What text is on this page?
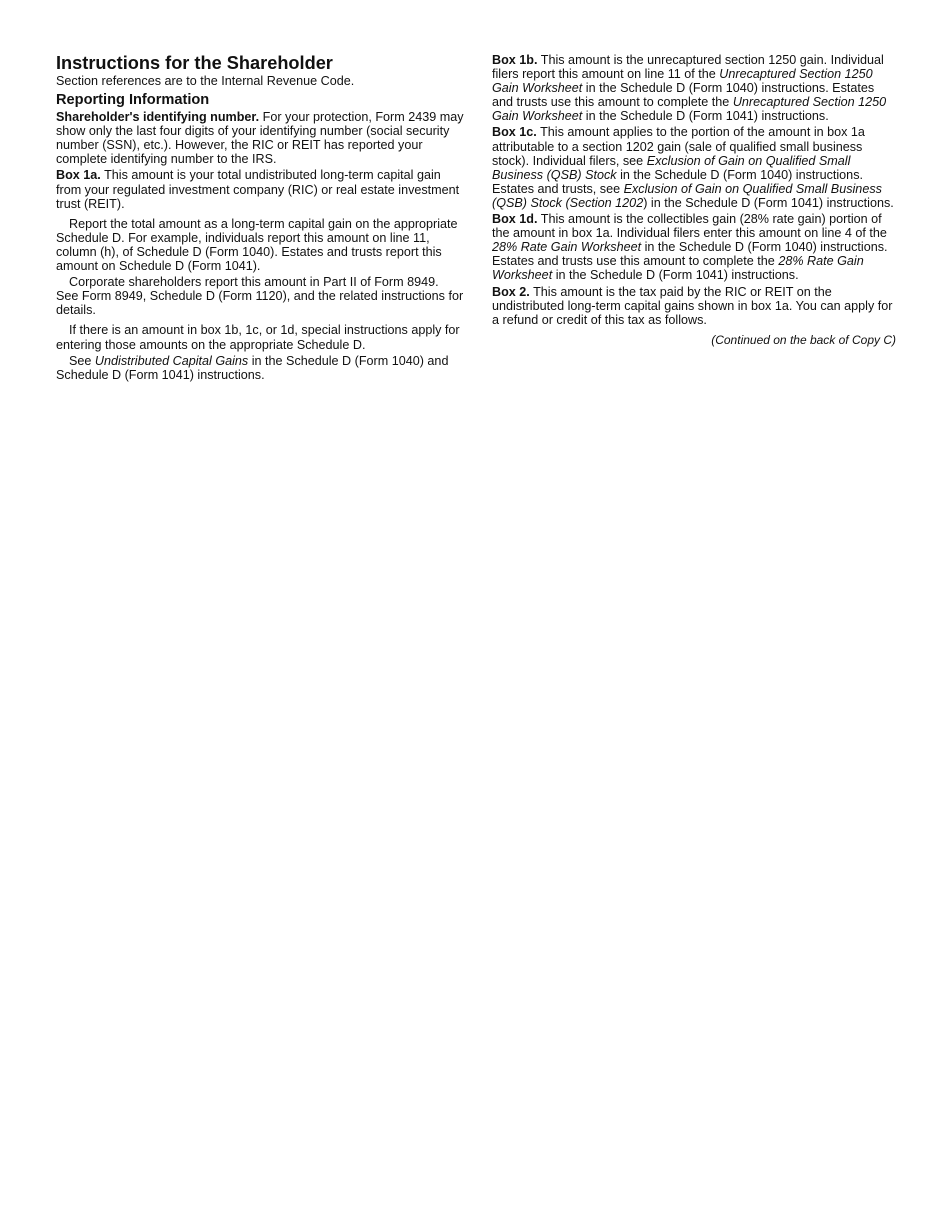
Instructions for the Shareholder

Section references are to the Internal Revenue Code.

Reporting Information

Shareholder's identifying number. For your protection, Form 2439 may show only the last four digits of your identifying number (social security number (SSN), etc.). However, the RIC or REIT has reported your complete identifying number to the IRS.

Box 1a. This amount is your total undistributed long-term capital gain from your regulated investment company (RIC) or real estate investment trust (REIT).

Report the total amount as a long-term capital gain on the appropriate Schedule D. For example, individuals report this amount on line 11, column (h), of Schedule D (Form 1040). Estates and trusts report this amount on Schedule D (Form 1041).

Corporate shareholders report this amount in Part II of Form 8949. See Form 8949, Schedule D (Form 1120), and the related instructions for details.

If there is an amount in box 1b, 1c, or 1d, special instructions apply for entering those amounts on the appropriate Schedule D.

See Undistributed Capital Gains in the Schedule D (Form 1040) and Schedule D (Form 1041) instructions.

Box 1b. This amount is the unrecaptured section 1250 gain. Individual filers report this amount on line 11 of the Unrecaptured Section 1250 Gain Worksheet in the Schedule D (Form 1040) instructions. Estates and trusts use this amount to complete the Unrecaptured Section 1250 Gain Worksheet in the Schedule D (Form 1041) instructions.

Box 1c. This amount applies to the portion of the amount in box 1a attributable to a section 1202 gain (sale of qualified small business stock). Individual filers, see Exclusion of Gain on Qualified Small Business (QSB) Stock in the Schedule D (Form 1040) instructions. Estates and trusts, see Exclusion of Gain on Qualified Small Business (QSB) Stock (Section 1202) in the Schedule D (Form 1041) instructions.

Box 1d. This amount is the collectibles gain (28% rate gain) portion of the amount in box 1a. Individual filers enter this amount on line 4 of the 28% Rate Gain Worksheet in the Schedule D (Form 1040) instructions. Estates and trusts use this amount to complete the 28% Rate Gain Worksheet in the Schedule D (Form 1041) instructions.

Box 2. This amount is the tax paid by the RIC or REIT on the undistributed long-term capital gains shown in box 1a. You can apply for a refund or credit of this tax as follows.

(Continued on the back of Copy C)
